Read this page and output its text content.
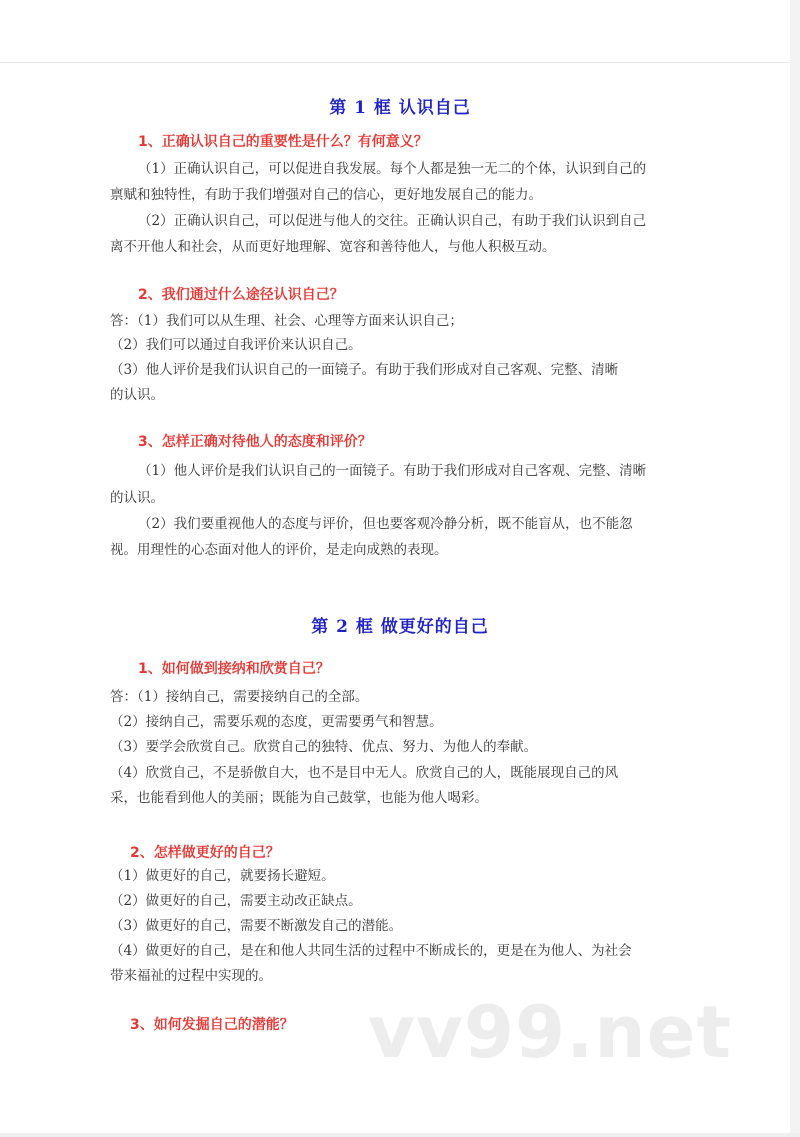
第 1 框 认识自己
1、正确认识自己的重要性是什么？有何意义？
（1）正确认识自己，可以促进自我发展。每个人都是独一无二的个体，认识到自己的
禀赋和独特性，有助于我们增强对自己的信心，更好地发展自己的能力。
（2）正确认识自己，可以促进与他人的交往。正确认识自己，有助于我们认识到自己
离不开他人和社会，从而更好地理解、宽容和善待他人，与他人积极互动。
2、我们通过什么途径认识自己？
答：（1）我们可以从生理、社会、心理等方面来认识自己；
（2）我们可以通过自我评价来认识自己。
（3）他人评价是我们认识自己的一面镜子。有助于我们形成对自己客观、完整、清晰
的认识。
3、怎样正确对待他人的态度和评价？
（1）他人评价是我们认识自己的一面镜子。有助于我们形成对自己客观、完整、清晰
的认识。
（2）我们要重视他人的态度与评价，但也要客观冷静分析，既不能盲从，也不能忽
视。用理性的心态面对他人的评价，是走向成熟的表现。
第 2 框 做更好的自己
1、如何做到接纳和欣赏自己？
答：（1）接纳自己，需要接纳自己的全部。
（2）接纳自己，需要乐观的态度，更需要勇气和智慧。
（3）要学会欣赏自己。欣赏自己的独特、优点、努力、为他人的奉献。
（4）欣赏自己，不是骄傲自大，也不是目中无人。欣赏自己的人，既能展现自己的风
采，也能看到他人的美丽；既能为自己鼓掌，也能为他人喝彩。
2、怎样做更好的自己？
（1）做更好的自己，就要扬长避短。
（2）做更好的自己，需要主动改正缺点。
（3）做更好的自己，需要不断激发自己的潜能。
（4）做更好的自己，是在和他人共同生活的过程中不断成长的，更是在为他人、为社会
带来福祉的过程中实现的。
3、如何发掘自己的潜能？ vv99.net
